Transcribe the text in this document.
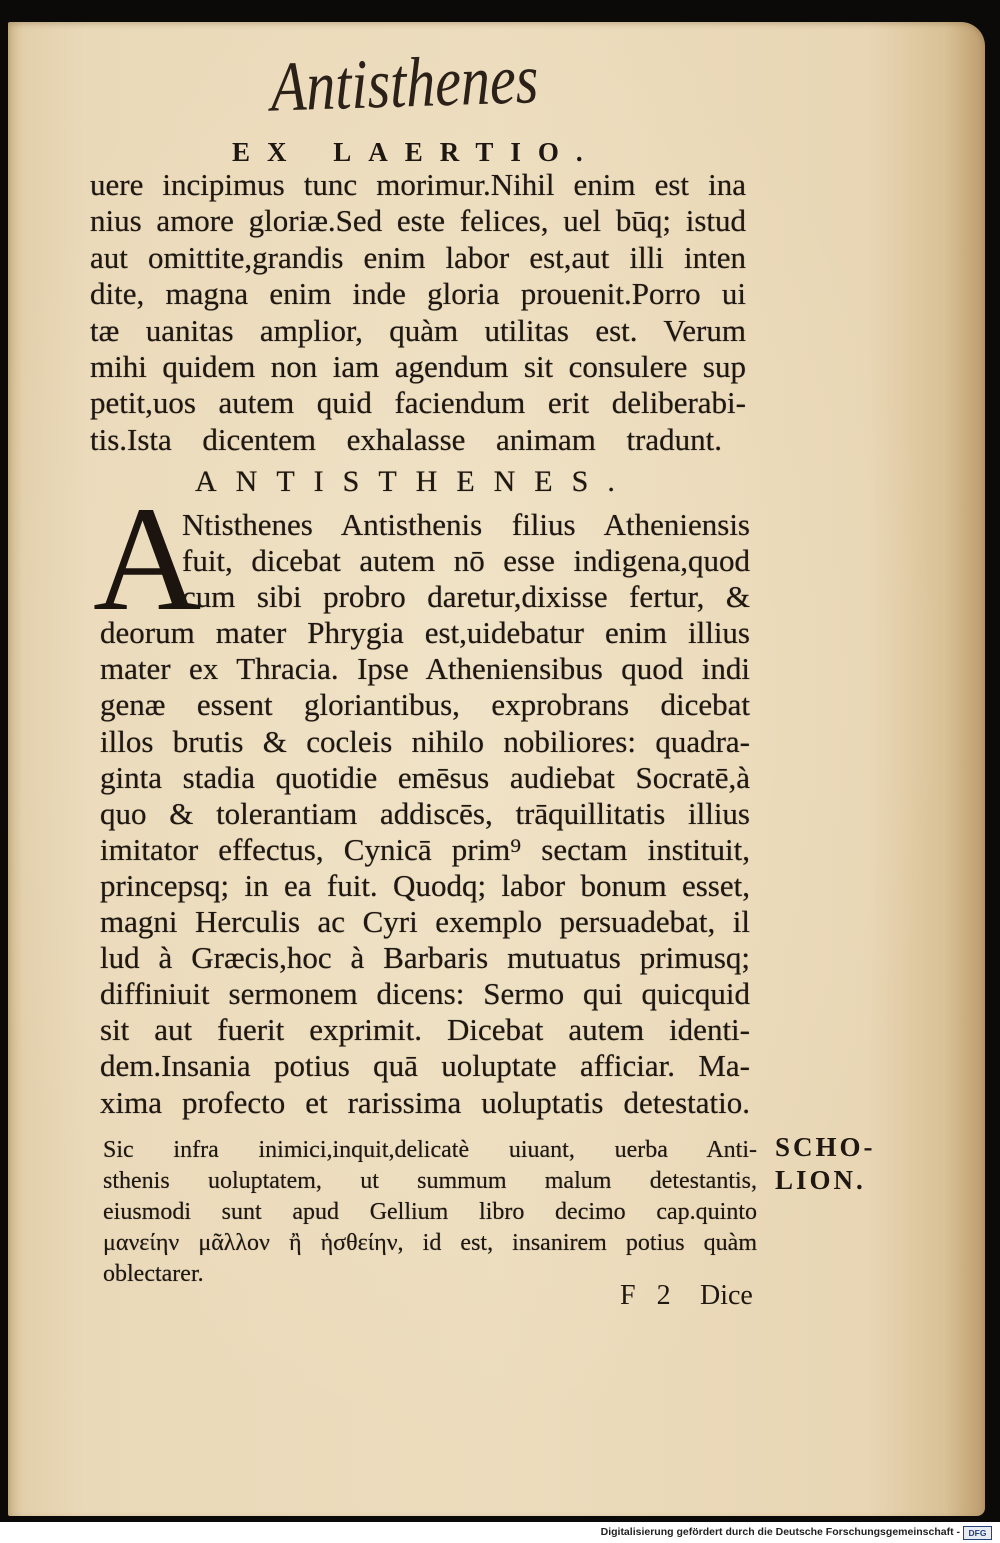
Antisthenes
EX LAERTIO.
uere incipimus tunc morimur.Nihil enim est ina
nius amore gloriæ.Sed este felices, uel būq; istud
aut omittite,grandis enim labor est,aut illi inten
dite, magna enim inde gloria prouenit.Porro ui
tæ uanitas amplior, quàm utilitas est. Verum
mihi quidem non iam agendum sit consulere sup
petit,uos autem quid faciendum erit deliberabi-
tis.Ista dicentem exhalasse animam tradunt.
ANTISTHENES.
A
Ntisthenes Antisthenis filius Atheniensis
fuit, dicebat autem nō esse indigena,quod
cum sibi probro daretur,dixisse fertur, &
deorum mater Phrygia est,uidebatur enim illius
mater ex Thracia. Ipse Atheniensibus quod indi
genæ essent gloriantibus, exprobrans dicebat
illos brutis & cocleis nihilo nobiliores: quadra-
ginta stadia quotidie emēsus audiebat Socratē,à
quo & tolerantiam addiscēs, trāquillitatis illius
imitator effectus, Cynicā prim⁹ sectam instituit,
princepsq; in ea fuit. Quodq; labor bonum esset,
magni Herculis ac Cyri exemplo persuadebat, il
lud à Græcis,hoc à Barbaris mutuatus primusq;
diffiniuit sermonem dicens: Sermo qui quicquid
sit aut fuerit exprimit. Dicebat autem identi-
dem.Insania potius quā uoluptate afficiar. Ma-
xima profecto et rarissima uoluptatis detestatio.
Sic infra inimici,inquit,delicatè uiuant, uerba Anti-
sthenis uoluptatem, ut summum malum detestantis,
eiusmodi sunt apud Gellium libro decimo cap.quinto
μανείην μᾶλλον ἢ ἡσθείην, id est, insanirem potius quàm
oblectarer.
SCHO-
LION.
F 2 Dice
Digitalisierung gefördert durch die Deutsche Forschungsgemeinschaft -	DFG
